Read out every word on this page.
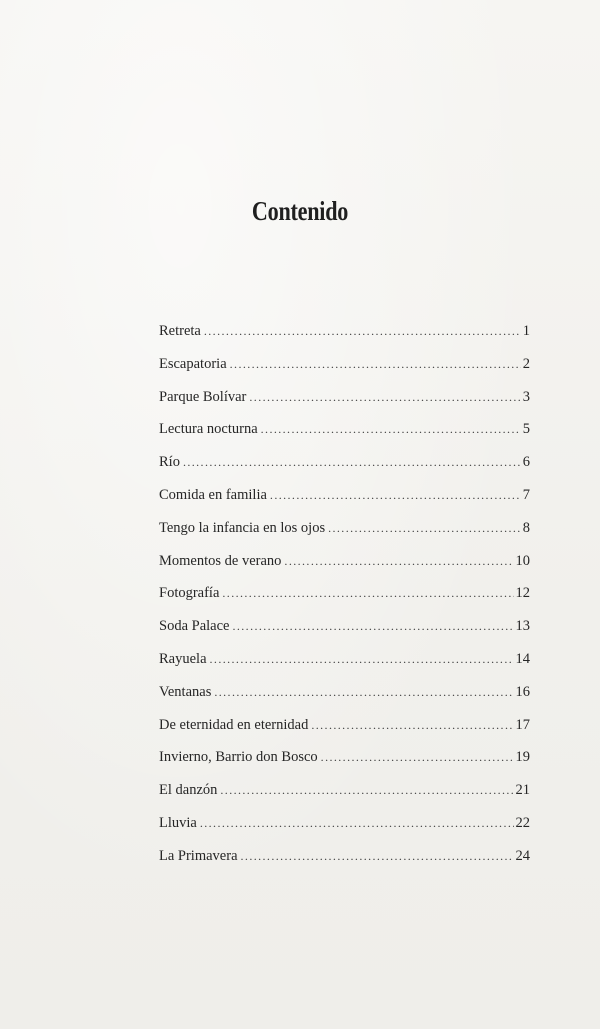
Contenido
Retreta .....	1
Escapatoria .....	2
Parque Bolívar .....	3
Lectura nocturna .....	5
Río .....	6
Comida en familia .....	7
Tengo la infancia en los ojos .....	8
Momentos de verano .....	10
Fotografía .....	12
Soda Palace .....	13
Rayuela .....	14
Ventanas .....	16
De eternidad en eternidad .....	17
Invierno, Barrio don Bosco .....	19
El danzón .....	21
Lluvia .....	22
La Primavera .....	24
